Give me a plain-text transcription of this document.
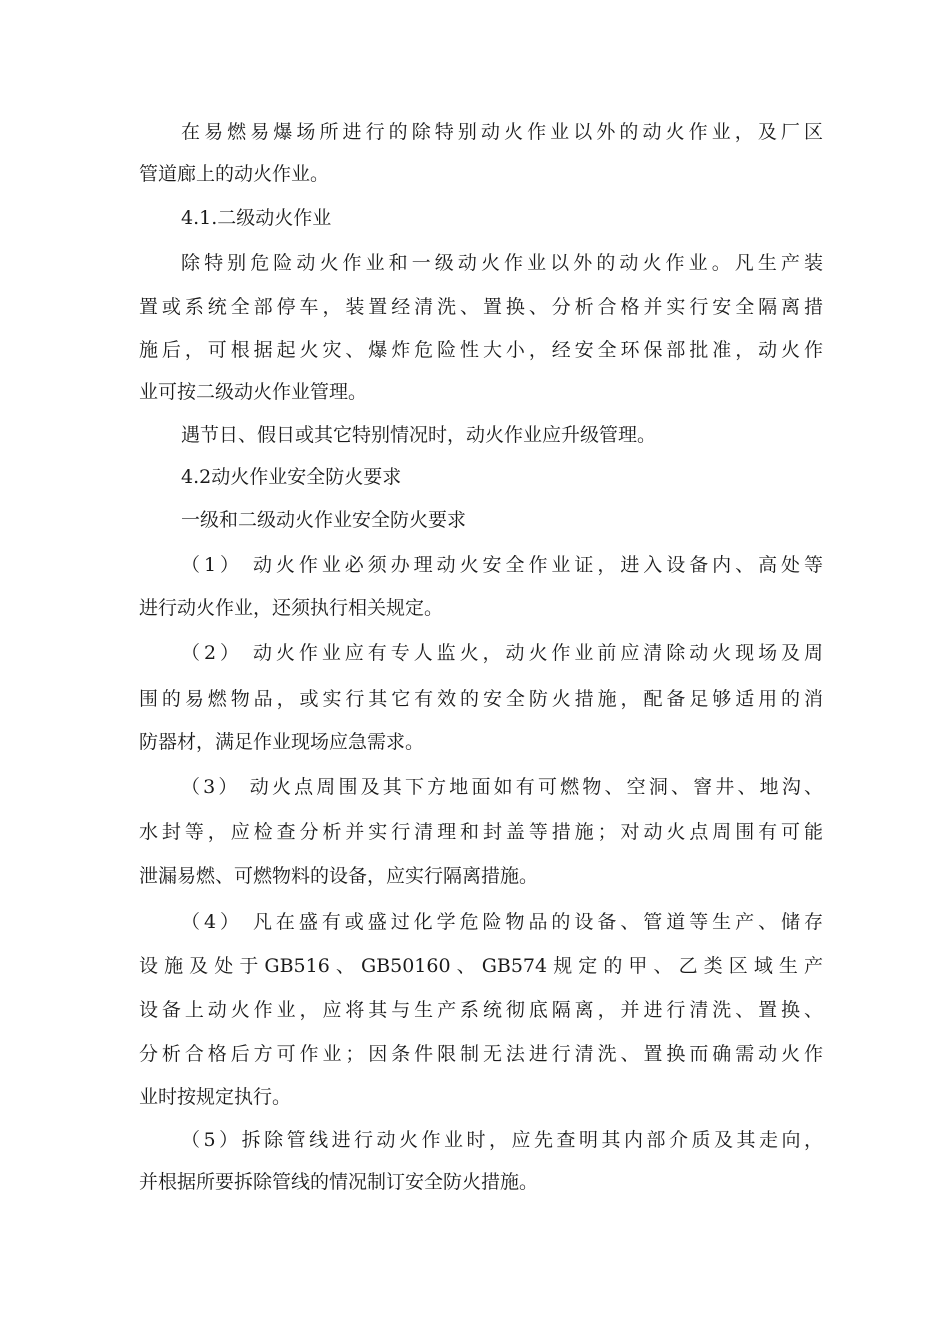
在易燃易爆场所进行的除特别动火作业以外的动火作业，及厂区
管道廊上的动火作业。
4.1.二级动火作业
除特别危险动火作业和一级动火作业以外的动火作业。凡生产装
置或系统全部停车，装置经清洗、置换、分析合格并实行安全隔离措
施后，可根据起火灾、爆炸危险性大小，经安全环保部批准，动火作
业可按二级动火作业管理。
遇节日、假日或其它特别情况时，动火作业应升级管理。
4.2动火作业安全防火要求
一级和二级动火作业安全防火要求
（1） 动火作业必须办理动火安全作业证，进入设备内、高处等
进行动火作业，还须执行相关规定。
（2） 动火作业应有专人监火，动火作业前应清除动火现场及周
围的易燃物品，或实行其它有效的安全防火措施，配备足够适用的消
防器材，满足作业现场应急需求。
（3） 动火点周围及其下方地面如有可燃物、空洞、窨井、地沟、
水封等，应检查分析并实行清理和封盖等措施；对动火点周围有可能
泄漏易燃、可燃物料的设备，应实行隔离措施。
（4） 凡在盛有或盛过化学危险物品的设备、管道等生产、储存
设施及处于GB516、GB50160、GB574规定的甲、乙类区域生产
设备上动火作业，应将其与生产系统彻底隔离，并进行清洗、置换、
分析合格后方可作业；因条件限制无法进行清洗、置换而确需动火作
业时按规定执行。
（5）拆除管线进行动火作业时，应先查明其内部介质及其走向，
并根据所要拆除管线的情况制订安全防火措施。
